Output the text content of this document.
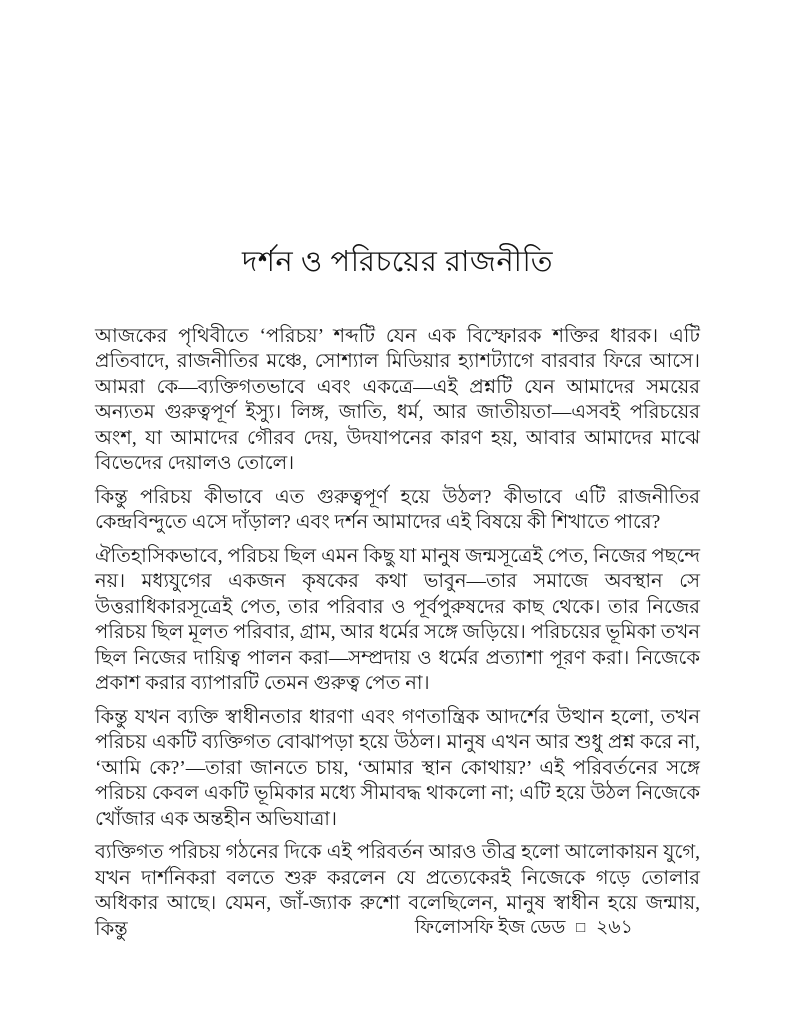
দর্শন ও পরিচয়ের রাজনীতি

আজকের পৃথিবীতে ‘পরিচয়’ শব্দটি যেন এক বিস্ফোরক শক্তির ধারক। এটি প্রতিবাদে, রাজনীতির মঞ্চে, সোশ্যাল মিডিয়ার হ্যাশট্যাগে বারবার ফিরে আসে। আমরা কে—ব্যক্তিগতভাবে এবং একত্রে—এই প্রশ্নটি যেন আমাদের সময়ের অন্যতম গুরুত্বপূর্ণ ইস্যু। লিঙ্গ, জাতি, ধর্ম, আর জাতীয়তা—এসবই পরিচয়ের অংশ, যা আমাদের গৌরব দেয়, উদযাপনের কারণ হয়, আবার আমাদের মাঝে বিভেদের দেয়ালও তোলে।

কিন্তু পরিচয় কীভাবে এত গুরুত্বপূর্ণ হয়ে উঠল? কীভাবে এটি রাজনীতির কেন্দ্রবিন্দুতে এসে দাঁড়াল? এবং দর্শন আমাদের এই বিষয়ে কী শিখাতে পারে?

ঐতিহাসিকভাবে, পরিচয় ছিল এমন কিছু যা মানুষ জন্মসূত্রেই পেত, নিজের পছন্দে নয়। মধ্যযুগের একজন কৃষকের কথা ভাবুন—তার সমাজে অবস্থান সে উত্তরাধিকারসূত্রেই পেত, তার পরিবার ও পূর্বপুরুষদের কাছ থেকে। তার নিজের পরিচয় ছিল মূলত পরিবার, গ্রাম, আর ধর্মের সঙ্গে জড়িয়ে। পরিচয়ের ভূমিকা তখন ছিল নিজের দায়িত্ব পালন করা—সম্প্রদায় ও ধর্মের প্রত্যাশা পূরণ করা। নিজেকে প্রকাশ করার ব্যাপারটি তেমন গুরুত্ব পেত না।

কিন্তু যখন ব্যক্তি স্বাধীনতার ধারণা এবং গণতান্ত্রিক আদর্শের উত্থান হলো, তখন পরিচয় একটি ব্যক্তিগত বোঝাপড়া হয়ে উঠল। মানুষ এখন আর শুধু প্রশ্ন করে না, ‘আমি কে?’—তারা জানতে চায়, ‘আমার স্থান কোথায়?’ এই পরিবর্তনের সঙ্গে পরিচয় কেবল একটি ভূমিকার মধ্যে সীমাবদ্ধ থাকলো না; এটি হয়ে উঠল নিজেকে খোঁজার এক অন্তহীন অভিযাত্রা।

ব্যক্তিগত পরিচয় গঠনের দিকে এই পরিবর্তন আরও তীব্র হলো আলোকায়ন যুগে, যখন দার্শনিকরা বলতে শুরু করলেন যে প্রত্যেকেরই নিজেকে গড়ে তোলার অধিকার আছে। যেমন, জাঁ-জ্যাক রুশো বলেছিলেন, মানুষ স্বাধীন হয়ে জন্মায়, কিন্তু	ফিলোসফি ইজ ডেড □ ২৬১
